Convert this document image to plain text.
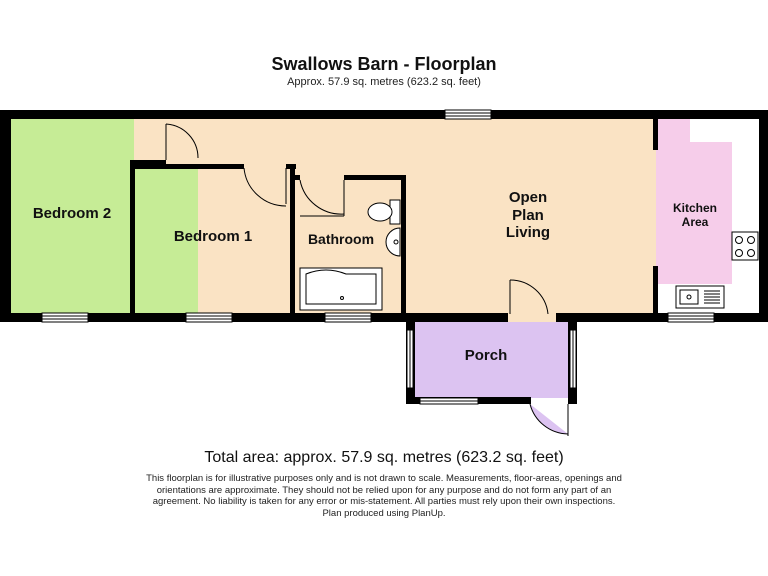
Swallows Barn - Floorplan
Approx. 57.9 sq. metres (623.2 sq. feet)
Bedroom 2
Bedroom 1	Bathroom
Open
Plan
Living
Kitchen
Area
Porch
Total area: approx. 57.9 sq. metres (623.2 sq. feet)
This floorplan is for illustrative purposes only and is not drawn to scale. Measurements, floor-areas, openings and
orientations are approximate. They should not be relied upon for any purpose and do not form any part of an
agreement. No liability is taken for any error or mis-statement. All parties must rely upon their own inspections.
Plan produced using PlanUp.
